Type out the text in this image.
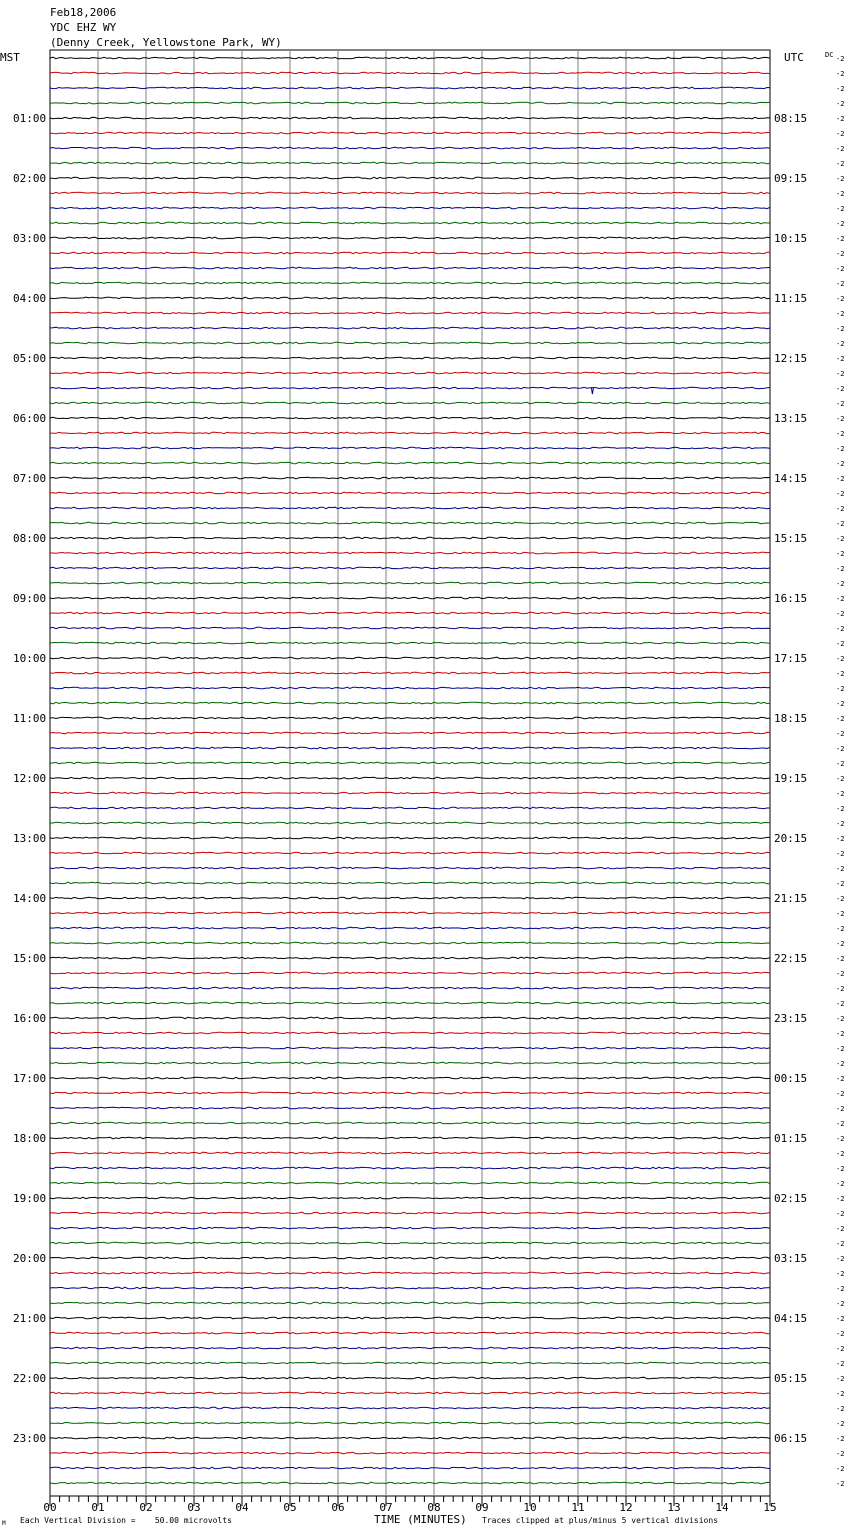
Feb18,2006
YDC EHZ WY
(Denny Creek, Yellowstone Park, WY)
MST	UTC	DC
01:00
02:00
03:00
04:00
05:00
06:00
07:00
08:00
09:00
10:00
11:00
12:00
13:00
14:00
15:00
16:00
17:00
18:00
19:00
20:00
21:00
22:00
23:00
08:15
09:15
10:15
11:15
12:15
13:15
14:15
15:15
16:15
17:15
18:15
19:15
20:15
21:15
22:15
23:15
00:15
01:15
02:15
03:15
04:15
05:15
06:15
-2
-2
-2
-2
-2
-2
-2
-2
-2
-2
-2
-2
-2
-2
-2
-2
-2
-2
-2
-2
-2
-2
-2
-2
-2
-2
-2
-2
-2
-2
-2
-2
-2
-2
-2
-2
-2
-2
-2
-2
-2
-2
-2
-2
-2
-2
-2
-2
-2
-2
-2
-2
-2
-2
-2
-2
-2
-2
-2
-2
-2
-2
-2
-2
-2
-2
-2
-2
-2
-2
-2
-2
-2
-2
-2
-2
-2
-2
-2
-2
-2
-2
-2
-2
-2
-2
-2
-2
-2
-2
-2
-2
-2
-2
-2
-2
00	01	02	03	04	05	06	07	08	09	10	11	12	13	14	15
M Each Vertical Division =    50.00 microvolts	TIME (MINUTES) Traces clipped at plus/minus 5 vertical divisions
